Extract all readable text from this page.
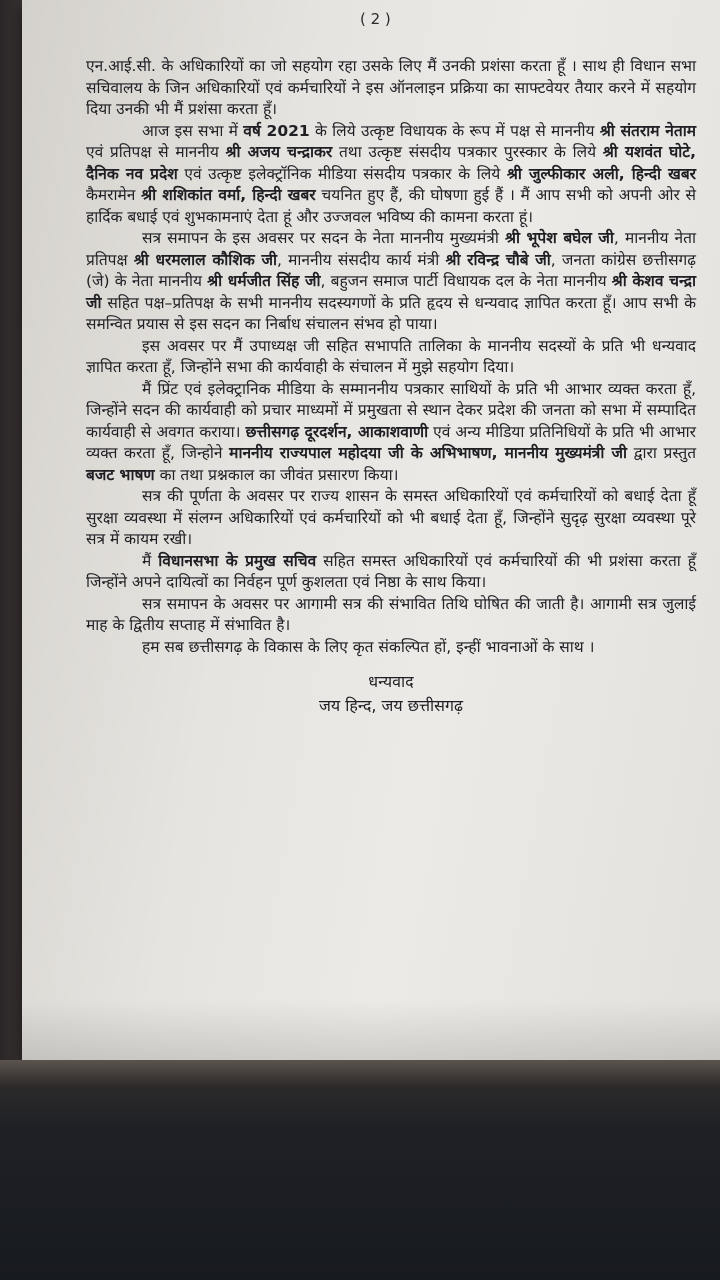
( 2 )

एन.आई.सी. के अधिकारियों का जो सहयोग रहा उसके लिए मैं उनकी प्रशंसा करता हूँ । साथ ही विधान सभा सचिवालय के जिन अधिकारियों एवं कर्मचारियों ने इस ऑनलाइन प्रक्रिया का साफ्टवेयर तैयार करने में सहयोग दिया उनकी भी मैं प्रशंसा करता हूँ।

आज इस सभा में वर्ष 2021 के लिये उत्कृष्ट विधायक के रूप में पक्ष से माननीय श्री संतराम नेताम एवं प्रतिपक्ष से माननीय श्री अजय चन्द्राकर तथा उत्कृष्ट संसदीय पत्रकार पुरस्कार के लिये श्री यशवंत घोटे, दैनिक नव प्रदेश एवं उत्कृष्ट इलेक्ट्रॉनिक मीडिया संसदीय पत्रकार के लिये श्री जुल्फीकार अली, हिन्दी खबर कैमरामेन श्री शशिकांत वर्मा, हिन्दी खबर चयनित हुए हैं, की घोषणा हुई हैं । मैं आप सभी को अपनी ओर से हार्दिक बधाई एवं शुभकामनाएं देता हूं और उज्जवल भविष्य की कामना करता हूं।

सत्र समापन के इस अवसर पर सदन के नेता माननीय मुख्यमंत्री श्री भूपेश बघेल जी, माननीय नेता प्रतिपक्ष श्री धरमलाल कौशिक जी, माननीय संसदीय कार्य मंत्री श्री रविन्द्र चौबे जी, जनता कांग्रेस छत्तीसगढ़ (जे) के नेता माननीय श्री धर्मजीत सिंह जी, बहुजन समाज पार्टी विधायक दल के नेता माननीय श्री केशव चन्द्रा जी सहित पक्ष–प्रतिपक्ष के सभी माननीय सदस्यगणों के प्रति हृदय से धन्यवाद ज्ञापित करता हूँ। आप सभी के समन्वित प्रयास से इस सदन का निर्बाध संचालन संभव हो पाया।

इस अवसर पर मैं उपाध्यक्ष जी सहित सभापति तालिका के माननीय सदस्यों के प्रति भी धन्यवाद ज्ञापित करता हूँ, जिन्होंने सभा की कार्यवाही के संचालन में मुझे सहयोग दिया।

मैं प्रिंट एवं इलेक्ट्रानिक मीडिया के सम्माननीय पत्रकार साथियों के प्रति भी आभार व्यक्त करता हूँ, जिन्होंने सदन की कार्यवाही को प्रचार माध्यमों में प्रमुखता से स्थान देकर प्रदेश की जनता को सभा में सम्पादित कार्यवाही से अवगत कराया। छत्तीसगढ़ दूरदर्शन, आकाशवाणी एवं अन्य मीडिया प्रतिनिधियों के प्रति भी आभार व्यक्त करता हूँ, जिन्होने माननीय राज्यपाल महोदया जी के अभिभाषण, माननीय मुख्यमंत्री जी द्वारा प्रस्तुत बजट भाषण का तथा प्रश्नकाल का जीवंत प्रसारण किया।

सत्र की पूर्णता के अवसर पर राज्य शासन के समस्त अधिकारियों एवं कर्मचारियों को बधाई देता हूँ सुरक्षा व्यवस्था में संलग्न अधिकारियों एवं कर्मचारियों को भी बधाई देता हूँ, जिन्होंने सुदृढ़ सुरक्षा व्यवस्था पूरे सत्र में कायम रखी।

मैं विधानसभा के प्रमुख सचिव सहित समस्त अधिकारियों एवं कर्मचारियों की भी प्रशंसा करता हूँ जिन्होंने अपने दायित्वों का निर्वहन पूर्ण कुशलता एवं निष्ठा के साथ किया।

सत्र समापन के अवसर पर आगामी सत्र की संभावित तिथि घोषित की जाती है। आगामी सत्र जुलाई माह के द्वितीय सप्ताह में संभावित है।

हम सब छत्तीसगढ़ के विकास के लिए कृत संकल्पित हों, इन्हीं भावनाओं के साथ ।

धन्यवाद
जय हिन्द, जय छत्तीसगढ़
